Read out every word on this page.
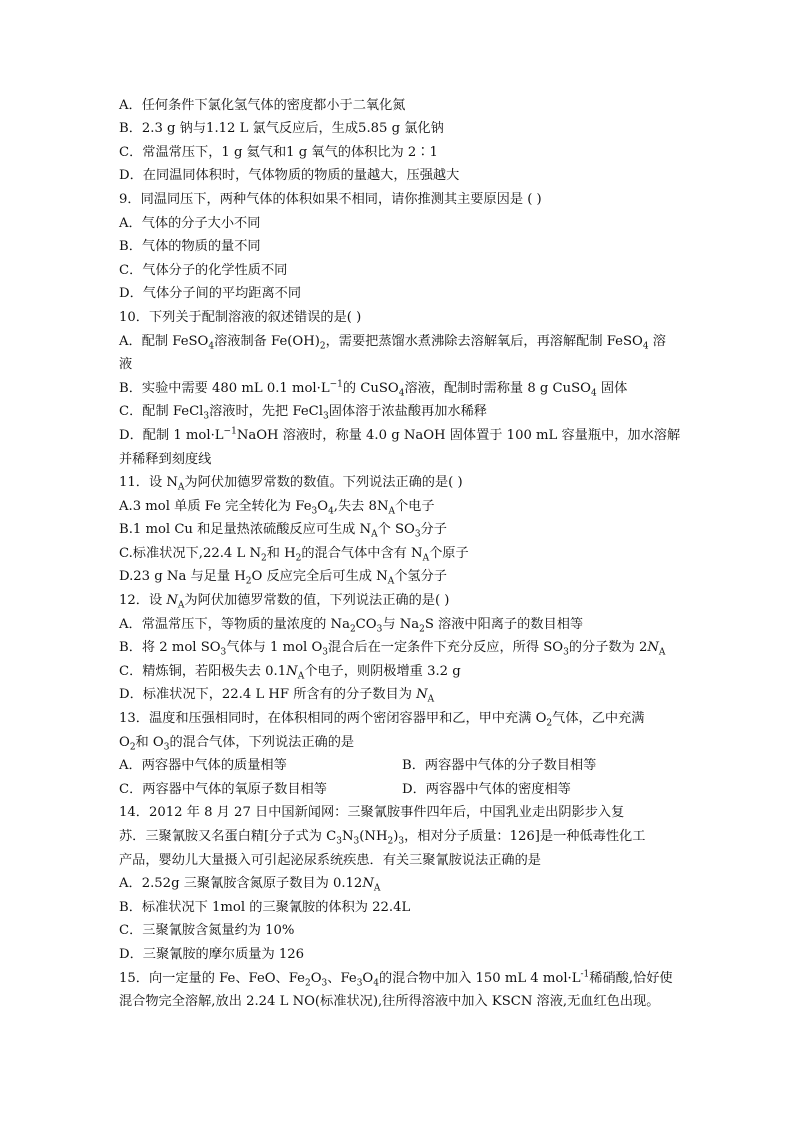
A．任何条件下氯化氢气体的密度都小于二氧化氮
B．2.3 g 钠与1.12 L 氯气反应后，生成5.85 g 氯化钠
C．常温常压下，1 g 氦气和1 g 氧气的体积比为 2∶1
D．在同温同体积时，气体物质的物质的量越大，压强越大
9．同温同压下，两种气体的体积如果不相同，请你推测其主要原因是 ( )
A．气体的分子大小不同
B．气体的物质的量不同
C．气体分子的化学性质不同
D．气体分子间的平均距离不同
10．下列关于配制溶液的叙述错误的是( )
A．配制 FeSO$_4$溶液制备 $Fe(OH)_2$，需要把蒸馏水煮沸除去溶解氧后，再溶解配制 FeSO$_4$ 溶
液
B．实验中需要 480 mL 0.1 $mol\cdot L^{-1}$的 CuSO$_4$溶液，配制时需称量 8 g CuSO$_4$ 固体
C．配制 FeCl$_3$溶液时，先把 FeCl$_3$固体溶于浓盐酸再加水稀释
D．配制 1 $mol\cdot L^{-1}NaOH$ 溶液时，称量 4.0 g NaOH 固体置于 100 mL 容量瓶中，加水溶解
并稀释到刻度线
11．设 $N_A$为阿伏加德罗常数的数值。下列说法正确的是( )
A.3 mol 单质 Fe 完全转化为 $Fe_3O_4$,失去 $8N_A$个电子
B.1 mol Cu 和足量热浓硫酸反应可生成 $N_A$个 $SO_3$分子
C.标准状况下,22.4 L $N_2$和 $H_2$的混合气体中含有 $N_A$个原子
D.23 g Na 与足量 $H_2O$ 反应完全后可生成 $N_A$个氢分子
12．设 $N_A$为阿伏加德罗常数的值，下列说法正确的是( )
A．常温常压下，等物质的量浓度的 $Na_2CO_3$与 $Na_2S$ 溶液中阳离子的数目相等
B．将 2 mol $SO_3$气体与 1 mol $O_3$混合后在一定条件下充分反应，所得 $SO_3$的分子数为 $2N_A$
C．精炼铜，若阳极失去 $0.1N_A$个电子，则阴极增重 3.2 g
D．标准状况下，22.4 L HF 所含有的分子数目为 $N_A$
13．温度和压强相同时，在体积相同的两个密闭容器甲和乙，甲中充满 $O_2$气体，乙中充满
$O_2$和 $O_3$的混合气体，下列说法正确的是
A．两容器中气体的质量相等	B．两容器中气体的分子数目相等
C．两容器中气体的氧原子数目相等	D．两容器中气体的密度相等
14．2012 年 8 月 27 日中国新闻网：三聚氰胺事件四年后，中国乳业走出阴影步入复
苏．三聚氰胺又名蛋白精[分子式为 $C_3N_3(NH_2)_3$，相对分子质量：126]是一种低毒性化工
产品，婴幼儿大量摄入可引起泌尿系统疾患．有关三聚氰胺说法正确的是
A．2.52g 三聚氰胺含氮原子数目为 $0.12N_A$
B．标准状况下 1mol 的三聚氰胺的体积为 22.4L
C．三聚氰胺含氮量约为 10%
D．三聚氰胺的摩尔质量为 126
15．向一定量的 Fe、FeO、$Fe_2O_3$、$Fe_3O_4$的混合物中加入 150 mL 4 $mol\cdot L^{-1}$稀硝酸,恰好使
混合物完全溶解,放出 2.24 L NO(标准状况),往所得溶液中加入 KSCN 溶液,无血红色出现。
